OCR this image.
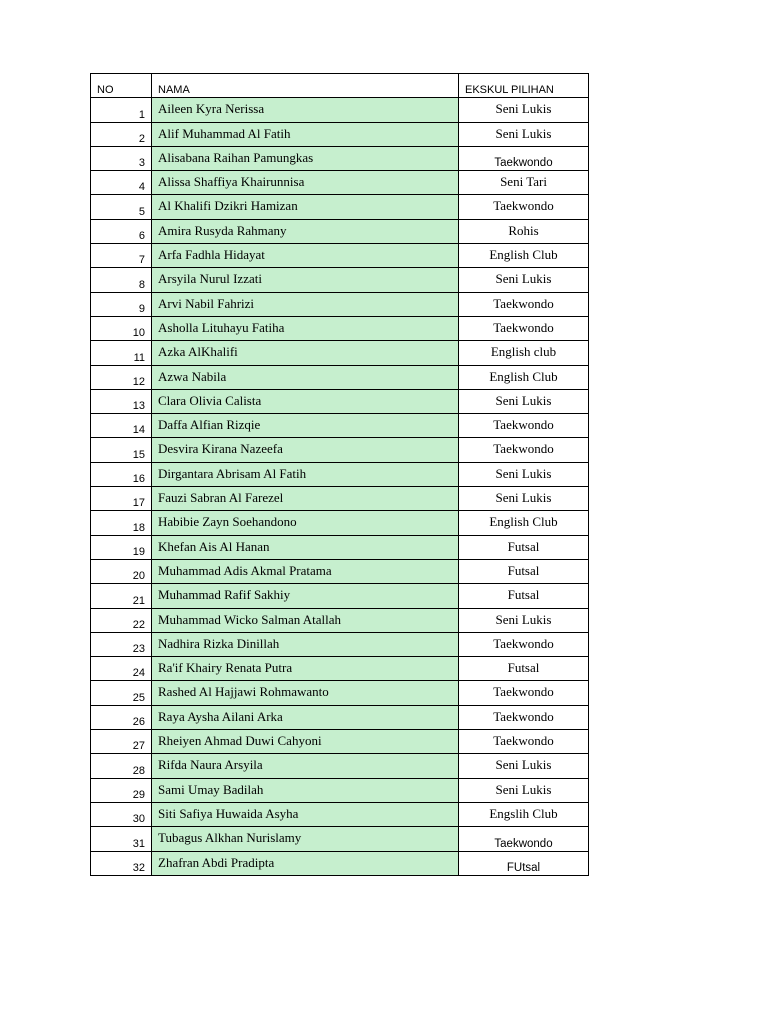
NO	NAMA	EKSKUL PILIHAN
1	Aileen Kyra Nerissa	Seni Lukis
2	Alif Muhammad Al Fatih	Seni Lukis
3	Alisabana Raihan Pamungkas	Taekwondo
4	Alissa Shaffiya Khairunnisa	Seni Tari
5	Al Khalifi Dzikri Hamizan	Taekwondo
6	Amira Rusyda Rahmany	Rohis
7	Arfa Fadhla Hidayat	English Club
8	Arsyila Nurul Izzati	Seni Lukis
9	Arvi Nabil Fahrizi	Taekwondo
10	Asholla Lituhayu Fatiha	Taekwondo
11	Azka AlKhalifi	English club
12	Azwa Nabila	English Club
13	Clara Olivia Calista	Seni Lukis
14	Daffa Alfian Rizqie	Taekwondo
15	Desvira Kirana Nazeefa	Taekwondo
16	Dirgantara Abrisam Al Fatih	Seni Lukis
17	Fauzi Sabran Al Farezel	Seni Lukis
18	Habibie Zayn Soehandono	English Club
19	Khefan Ais Al Hanan	Futsal
20	Muhammad Adis Akmal Pratama	Futsal
21	Muhammad Rafif Sakhiy	Futsal
22	Muhammad Wicko Salman Atallah	Seni Lukis
23	Nadhira Rizka Dinillah	Taekwondo
24	Ra'if Khairy Renata Putra	Futsal
25	Rashed Al Hajjawi Rohmawanto	Taekwondo
26	Raya Aysha Ailani Arka	Taekwondo
27	Rheiyen Ahmad Duwi Cahyoni	Taekwondo
28	Rifda Naura Arsyila	Seni Lukis
29	Sami Umay Badilah	Seni Lukis
30	Siti Safiya Huwaida Asyha	Engslih Club
31	Tubagus Alkhan Nurislamy	Taekwondo
32	Zhafran Abdi Pradipta	FUtsal
